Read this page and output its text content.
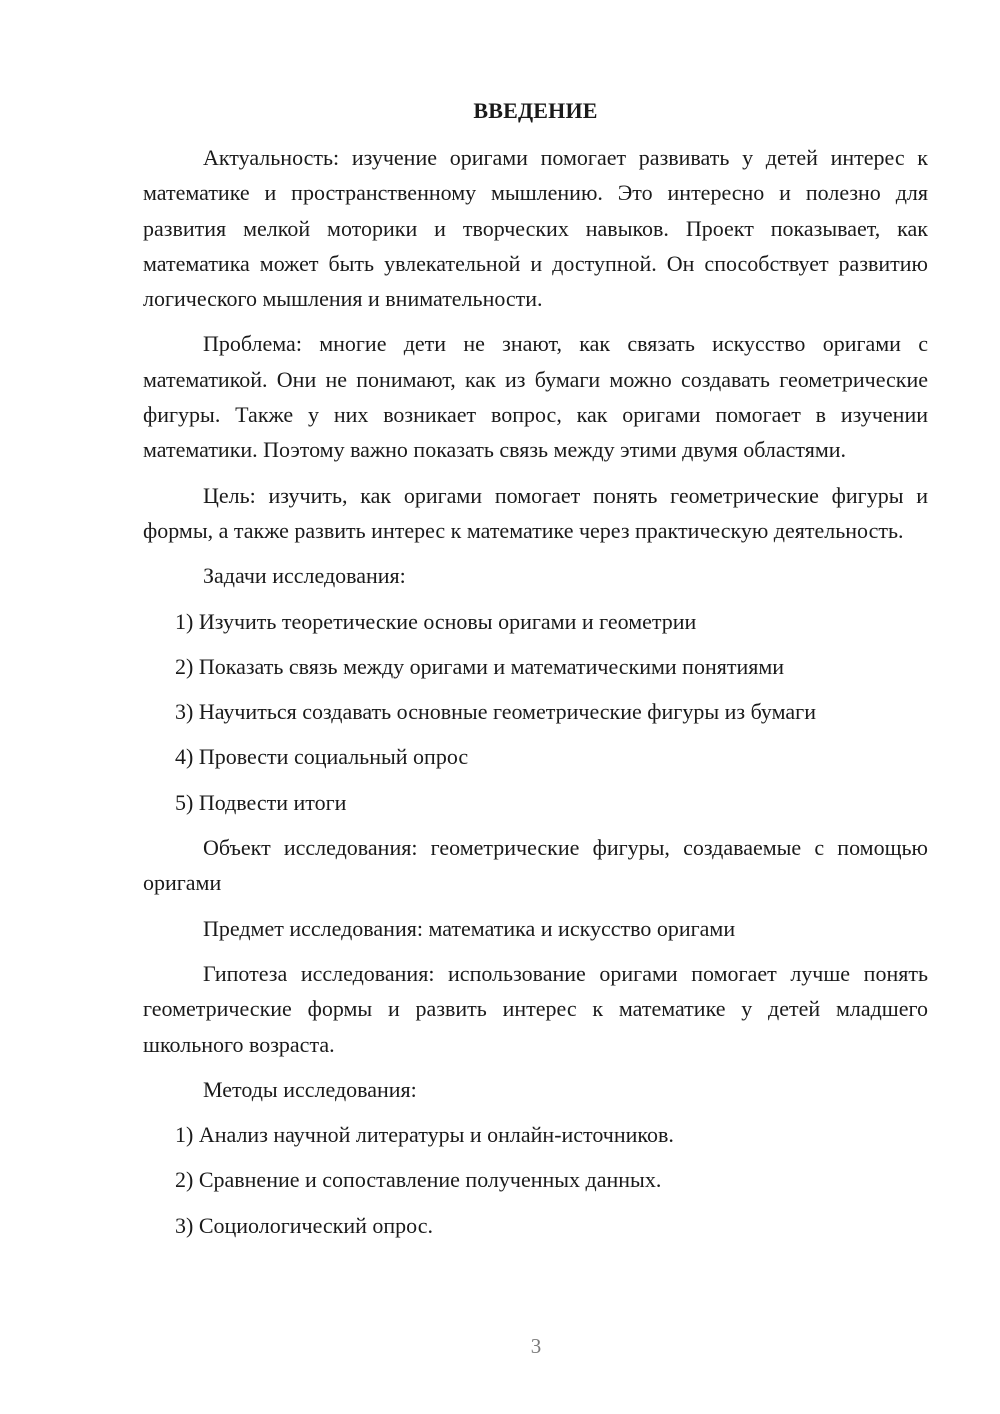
ВВЕДЕНИЕ

Актуальность: изучение оригами помогает развивать у детей интерес к математике и пространственному мышлению. Это интересно и полезно для развития мелкой моторики и творческих навыков. Проект показывает, как математика может быть увлекательной и доступной. Он способствует развитию логического мышления и внимательности.

Проблема: многие дети не знают, как связать искусство оригами с математикой. Они не понимают, как из бумаги можно создавать геометрические фигуры. Также у них возникает вопрос, как оригами помогает в изучении математики. Поэтому важно показать связь между этими двумя областями.

Цель: изучить, как оригами помогает понять геометрические фигуры и формы, а также развить интерес к математике через практическую деятельность.

Задачи исследования:
1) Изучить теоретические основы оригами и геометрии
2) Показать связь между оригами и математическими понятиями
3) Научиться создавать основные геометрические фигуры из бумаги
4) Провести социальный опрос
5) Подвести итоги

Объект исследования: геометрические фигуры, создаваемые с помощью оригами

Предмет исследования: математика и искусство оригами

Гипотеза исследования: использование оригами помогает лучше понять геометрические формы и развить интерес к математике у детей младшего школьного возраста.

Методы исследования:
1) Анализ научной литературы и онлайн-источников.
2) Сравнение и сопоставление полученных данных.
3) Социологический опрос.
3
